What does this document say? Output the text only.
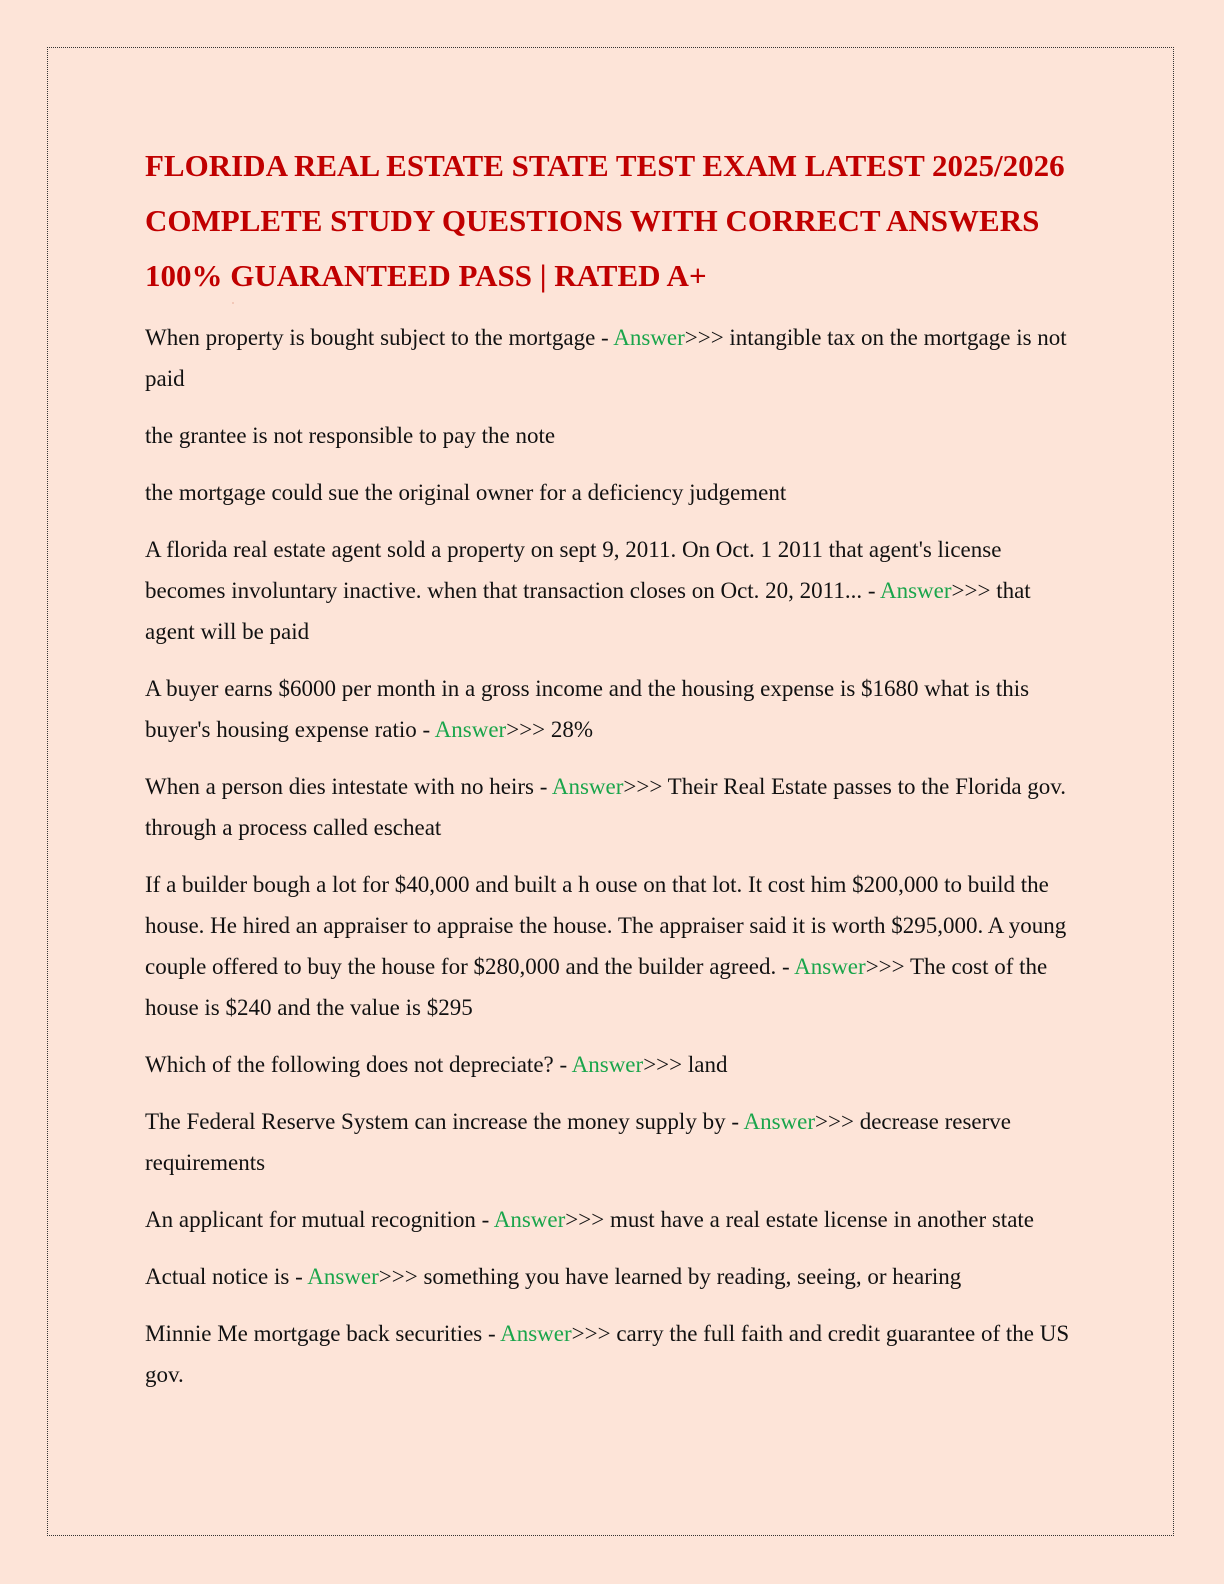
FLORIDA REAL ESTATE STATE TEST EXAM LATEST 2025/2026 COMPLETE STUDY QUESTIONS WITH CORRECT ANSWERS 100% GUARANTEED PASS | RATED A+

When property is bought subject to the mortgage - Answer>>> intangible tax on the mortgage is not paid

the grantee is not responsible to pay the note

the mortgage could sue the original owner for a deficiency judgement

A florida real estate agent sold a property on sept 9, 2011. On Oct. 1 2011 that agent's license becomes involuntary inactive. when that transaction closes on Oct. 20, 2011... - Answer>>> that agent will be paid

A buyer earns $6000 per month in a gross income and the housing expense is $1680 what is this buyer's housing expense ratio - Answer>>> 28%

When a person dies intestate with no heirs - Answer>>> Their Real Estate passes to the Florida gov. through a process called escheat

If a builder bough a lot for $40,000 and built a h ouse on that lot. It cost him $200,000 to build the house. He hired an appraiser to appraise the house. The appraiser said it is worth $295,000. A young couple offered to buy the house for $280,000 and the builder agreed. - Answer>>> The cost of the house is $240 and the value is $295

Which of the following does not depreciate? - Answer>>> land

The Federal Reserve System can increase the money supply by - Answer>>> decrease reserve requirements

An applicant for mutual recognition - Answer>>> must have a real estate license in another state

Actual notice is - Answer>>> something you have learned by reading, seeing, or hearing

Minnie Me mortgage back securities - Answer>>> carry the full faith and credit guarantee of the US gov.
